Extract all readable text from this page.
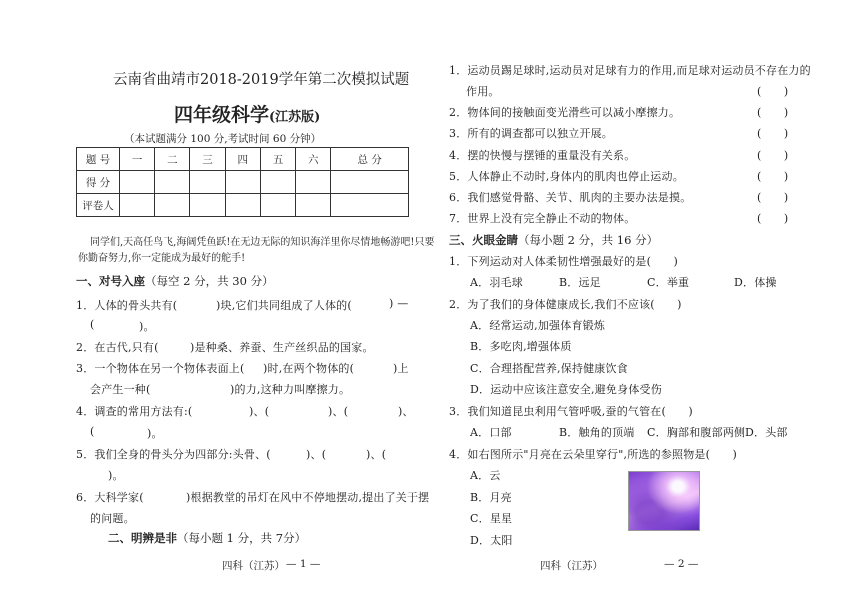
云南省曲靖市2018-2019学年第二次模拟试题
四年级科学(江苏版)
（本试题满分 100 分,考试时间 60 分钟）
题 号	一	二	三	四	五	六	总 分
得 分							
评卷人							
同学们,天高任鸟飞,海阔凭鱼跃!在无边无际的知识海洋里你尽情地畅游吧!只要
你勤奋努力,你一定能成为最好的舵手!
一、对号入座（每空 2 分，共 30 分）
1．人体的骨头共有(	)块,它们共同组成了人体的(	) —
(	)。
2．在古代,只有(	)是种桑、养蚕、生产丝织品的国家。
3．一个物体在另一个物体表面上( )时,在两个物体的(	)上
会产生一种(	)的力,这种力叫摩擦力。
4．调查的常用方法有:(	)、(	)、(	)、
(	)。
5．我们全身的骨头分为四部分:头骨、(	)、(	)、(
)。
6．大科学家(	)根据教堂的吊灯在风中不停地摆动,提出了关于摆
的问题。
二、明辨是非（每小题 1 分，共 7分）
四科（江苏） — 1 —
1．运动员踢足球时,运动员对足球有力的作用,而足球对运动员不存在力的
作用。	(　　)
2．物体间的接触面变光滑些可以减小摩擦力。	(　　)
3．所有的调查都可以独立开展。	(　　)
4．摆的快慢与摆锤的重量没有关系。	(　　)
5．人体静止不动时,身体内的肌肉也停止运动。	(　　)
6．我们感觉骨骼、关节、肌肉的主要办法是摸。	(　　)
7．世界上没有完全静止不动的物体。	(　　)
三、火眼金睛（每小题 2 分，共 16 分）
1．下列运动对人体柔韧性增强最好的是(　　)
A．羽毛球	B．远足	C．举重	D．体操
2．为了我们的身体健康成长,我们不应该(　　)
A．经常运动,加强体育锻炼
B．多吃肉,增强体质
C．合理搭配营养,保持健康饮食
D．运动中应该注意安全,避免身体受伤
3．我们知道昆虫利用气管呼吸,蚕的气管在(　　)
A．口部	B．触角的顶端 C．胸部和腹部两侧 D．头部
4．如右图所示"月亮在云朵里穿行",所选的参照物是(　　)
A．云
B．月亮
C．星星
D．太阳
四科（江苏）	— 2 —
